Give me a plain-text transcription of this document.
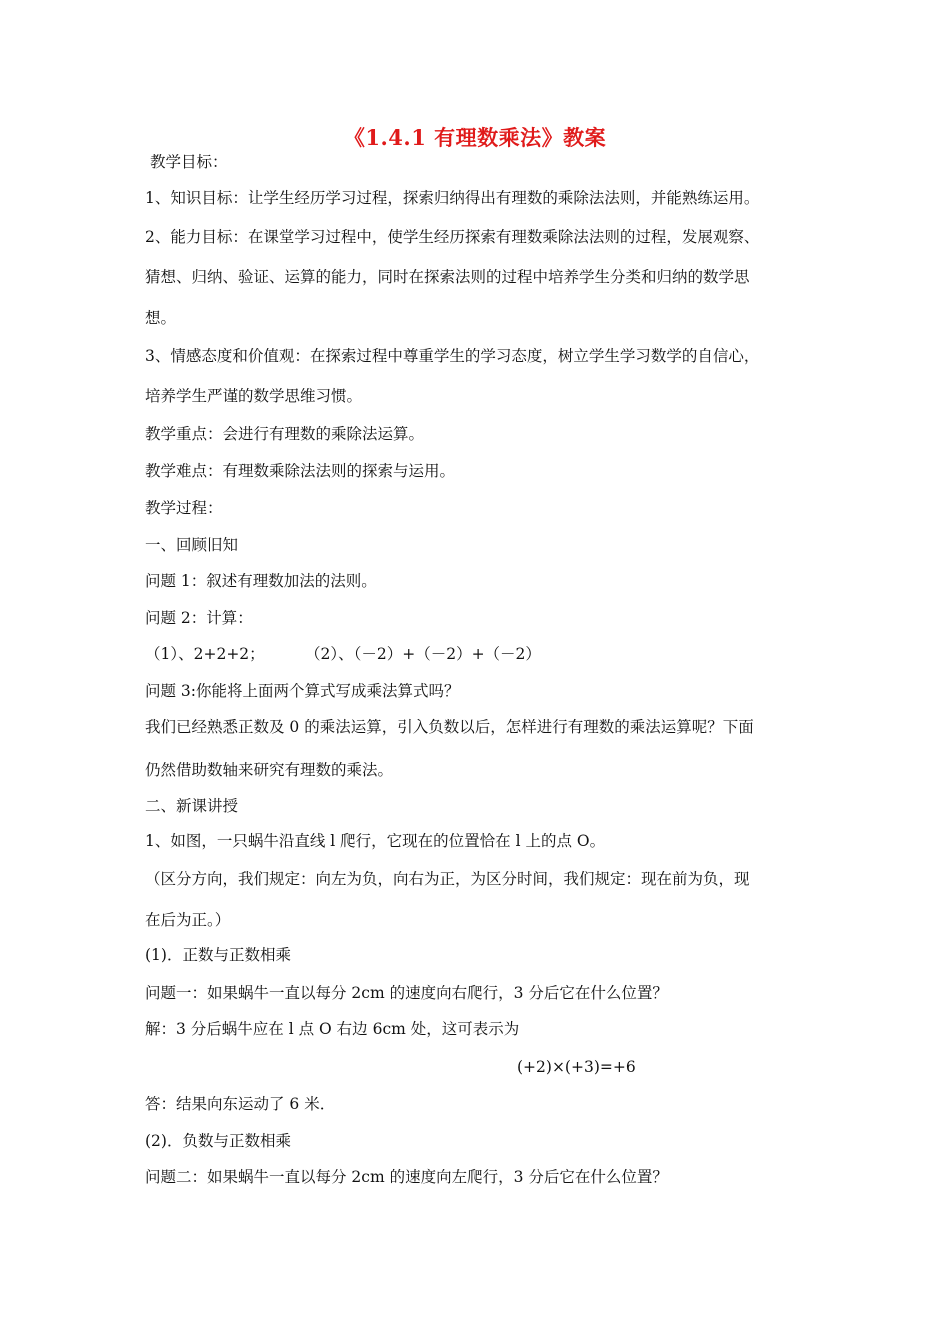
《1.4.1 有理数乘法》教案
教学目标：
1、知识目标：让学生经历学习过程，探索归纳得出有理数的乘除法法则，并能熟练运用。
2、能力目标：在课堂学习过程中，使学生经历探索有理数乘除法法则的过程，发展观察、
猜想、归纳、验证、运算的能力，同时在探索法则的过程中培养学生分类和归纳的数学思
想。
3、情感态度和价值观：在探索过程中尊重学生的学习态度，树立学生学习数学的自信心，
培养学生严谨的数学思维习惯。
教学重点：会进行有理数的乘除法运算。
教学难点：有理数乘除法法则的探索与运用。
教学过程：
一、回顾旧知
问题 1：叙述有理数加法的法则。
问题 2：计算：
（1）、2+2+2；	（2）、（－2）+（－2）+（－2）
问题 3:你能将上面两个算式写成乘法算式吗？
我们已经熟悉正数及 0 的乘法运算，引入负数以后，怎样进行有理数的乘法运算呢？下面
仍然借助数轴来研究有理数的乘法。
二、新课讲授
1、如图，一只蜗牛沿直线 l 爬行，它现在的位置恰在 l 上的点 O。
（区分方向，我们规定：向左为负，向右为正，为区分时间，我们规定：现在前为负，现
在后为正。）
(1)．正数与正数相乘
问题一：如果蜗牛一直以每分 2cm 的速度向右爬行，3 分后它在什么位置？
解：3 分后蜗牛应在 l 点 O 右边 6cm 处，这可表示为
(+2)×(+3)=+6
答：结果向东运动了 6 米．
(2)．负数与正数相乘
问题二：如果蜗牛一直以每分 2cm 的速度向左爬行，3 分后它在什么位置？
